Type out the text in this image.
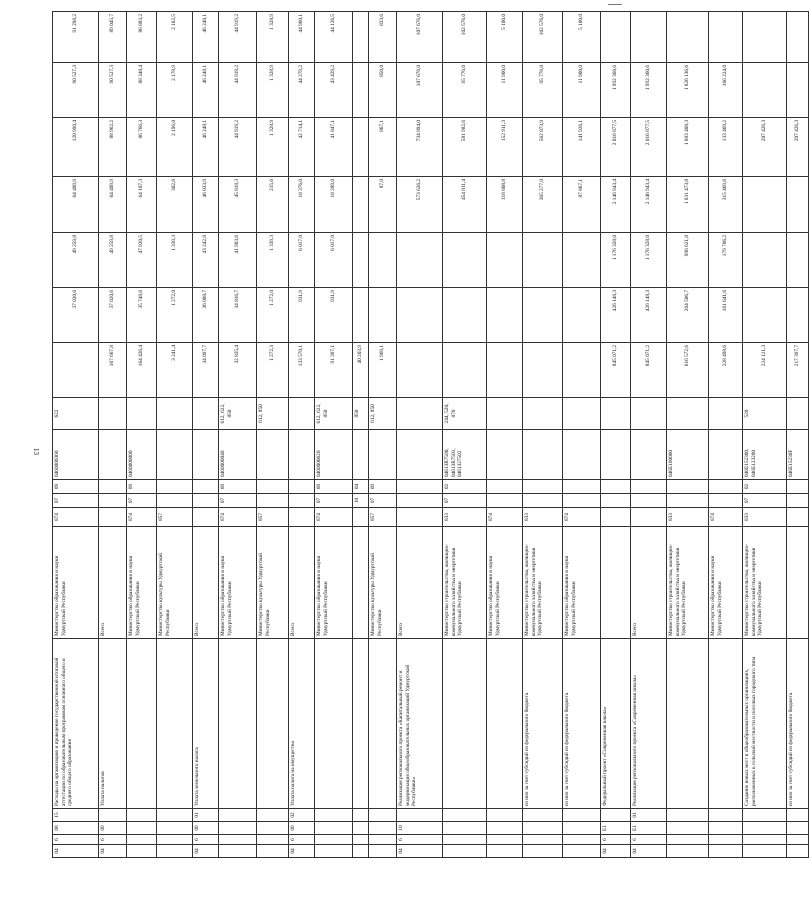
13
04	6	08	15	Расходы на организацию и проведение государственной итоговой аттестации по образовательным программам основного общего и среднего общего образования	Министерство образования и науки Удмуртской Республики	874	07	09	0460000360	622		37 020,6	49 259,8	64 409,9	120 990,4	90 527,3	91 298,2
04	6	09		Уплата налогов	Всего						167 667,8	37 020,6	49 259,8	64 409,9	88 962,2	90 527,3	89 045,7
					Министерство образования и науки Удмуртской Республики	874	07	09	0460000000		164 426,4	35 748,6	47 920,5	64 107,3	86 766,3	88 348,4	86 883,2
					Министерство культуры Удмуртской Республики	857					3 241,4	1 272,0	1 339,3	302,6	2 196,0	2 178,9	2 162,5
04	6	09	01	Уплата земельного налога	Всего						34 097,7	36 088,7	43 242,8	46 033,9	46 248,1	46 248,1	46 248,1
					Министерство образования и науки Удмуртской Республики	874	07	09	0460000040	612, 622, 850	32 825,4	34 816,7	41 903,6	45 818,3	44 919,2	44 919,2	44 919,2
					Министерство культуры Удмуртской Республики	857				612, 850	1 272,3	1 272,0	1 339,3	215,6	1 328,9	1 328,9	1 328,9
04	6	09	02	Уплата налога на имущество	Всего						133 570,1	931,9	6 017,0	18 376,0	42 714,1	44 279,2	44 960,1
					Министерство образования и науки Удмуртской Республики	874	07	09	0460000620	612, 622, 850	91 397,1	931,9	6 017,0	18 289,0	41 847,1	43 429,2	44 126,5
							10	04		850	40 203,9						
					Министерство культуры Удмуртской Республики	857	07	09		612, 850	1 969,1			87,0	867,1	850,0	833,6
04	6	10		Реализация регионального проекта «Капитальный ремонт и модернизация общеобразовательных организаций Удмуртской Республики»	Всего									573 626,2	734 894,0	107 676,0	107 676,0
					Министерство строительства, жилищно-коммунального хозяйства и энергетики Удмуртской Республики	833	07	02	04613R7500, 04613R7501, 0461327502	244, 520, 870				454 811,4	581 982,6	95 776,0	102 576,0
					Министерство образования и науки Удмуртской Республики	874								118 808,8	152 911,3	11 900,0	5 100,0
				из них за счет субсидий из федерального бюджета	Министерство строительства, жилищно-коммунального хозяйства и энергетики Удмуртской Республики	833								365 277,0	562 073,9	95 776,0	102 576,0
				из них за счет субсидий из федерального бюджета	Министерство образования и науки Удмуртской Республики	874								87 867,1	141 926,1	11 900,0	5 100,0
04	6	E1		Федеральный проект «Современная школа»							845 071,2	426 148,3	1 176 328,0	2 146 943,4	2 016 877,5	1 992 360,6	
04	6	E1	01	Реализация регионального проекта «Современная школа»	Всего						845 071,2	426 148,3	1 176 328,0	2 146 943,4	2 016 877,5	1 992 360,6	
					Министерство строительства, жилищно-коммунального хозяйства и энергетики Удмуртской Республики	833			046E100000		616 572,6	264 506,7	996 621,8	1 831 473,8	1 883 408,3	1 826 136,6	
					Министерство образования и науки Удмуртской Республики	874					228 498,6	161 641,6	179 706,2	315 469,6	133 469,2	166 224,0	
				Создание новых мест в общеобразовательных организациях, расположенных в сельской местности и поселках городского типа	Министерство строительства, жилищно-коммунального хозяйства и энергетики Удмуртской Республики	833	07	02	046E152300, 046E123200	520	224 121,3				207 426,3		
				из них за счет субсидий из федерального бюджета					046E15230F		217 397,7				207 426,3		
